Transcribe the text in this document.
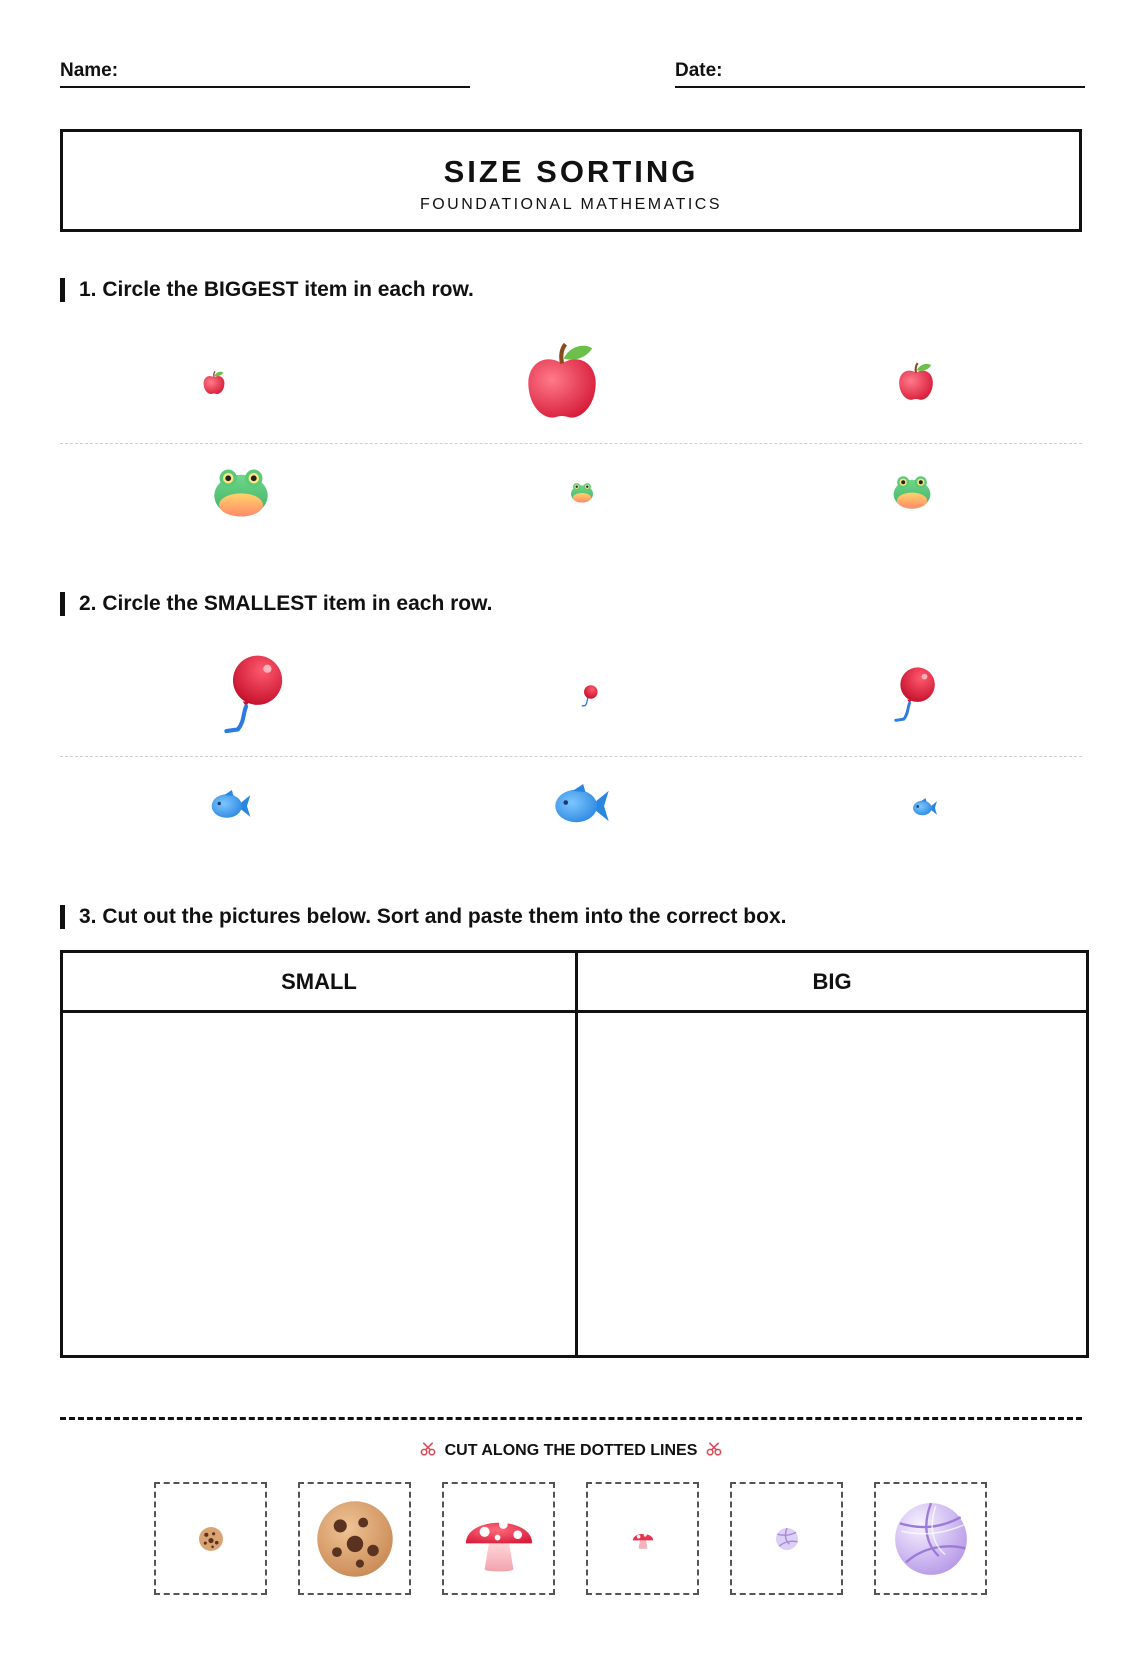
Name:	Date:
SIZE SORTING
FOUNDATIONAL MATHEMATICS
1. Circle the BIGGEST item in each row.
2. Circle the SMALLEST item in each row.
3. Cut out the pictures below. Sort and paste them into the correct box.
SMALL	BIG
CUT ALONG THE DOTTED LINES
